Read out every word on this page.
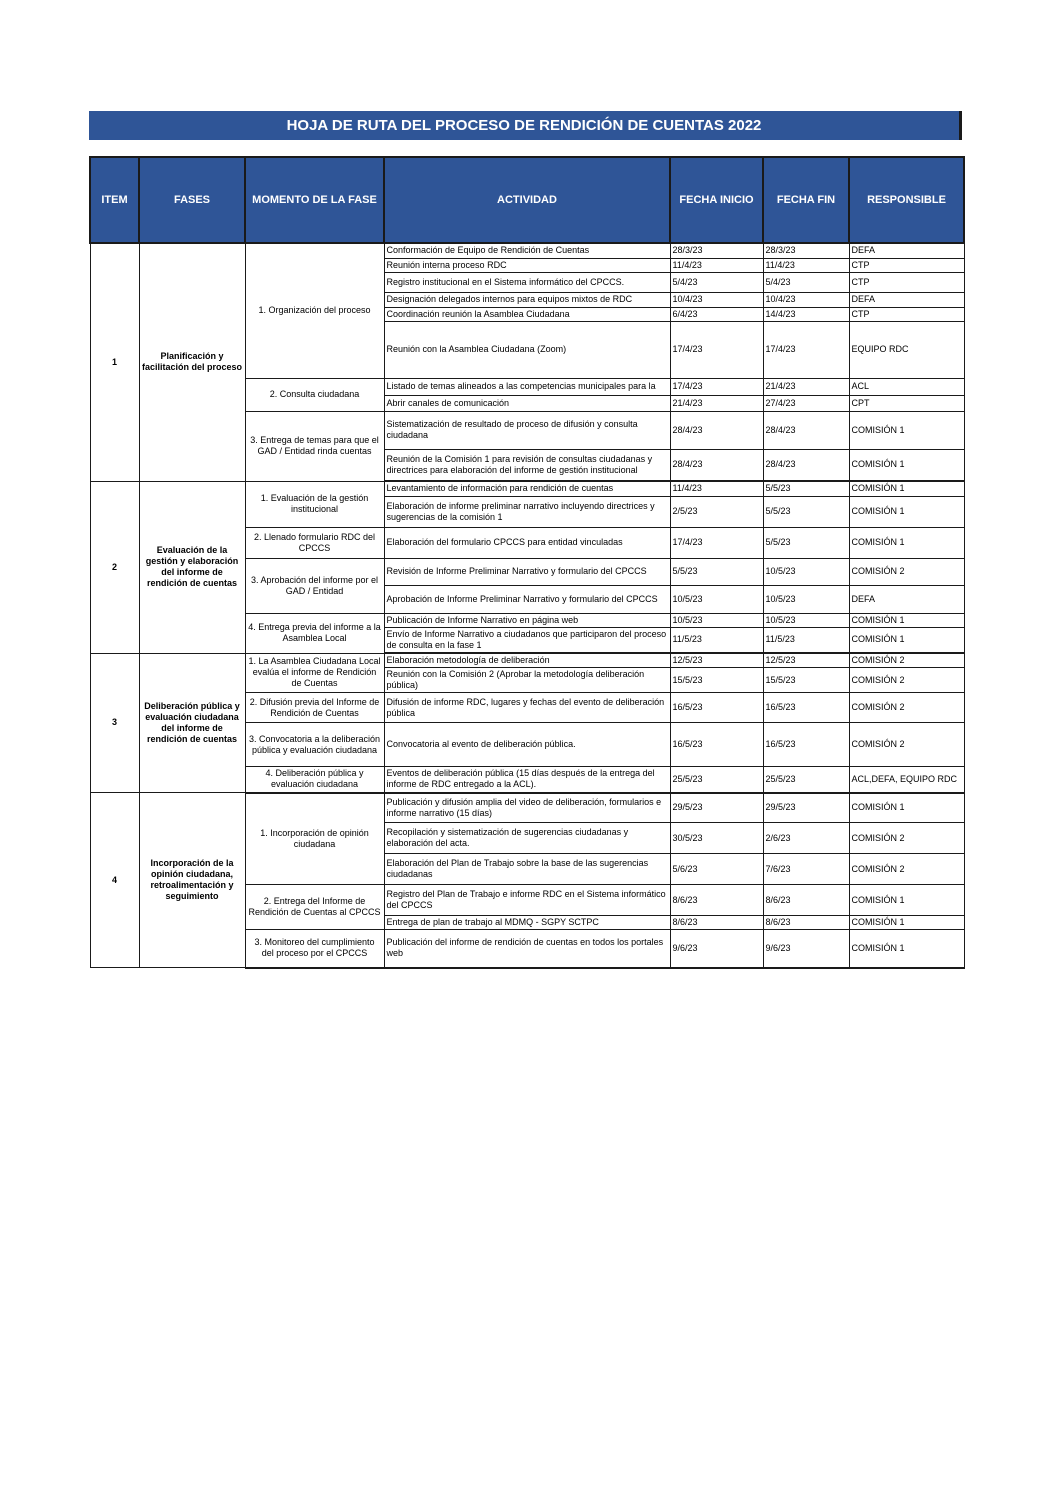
HOJA DE RUTA DEL PROCESO DE RENDICIÓN DE CUENTAS 2022
ITEM	FASES	MOMENTO DE LA FASE	ACTIVIDAD	FECHA INICIO	FECHA FIN	RESPONSIBLE
1	Planificación y facilitación del proceso	1. Organización del proceso	Conformación de Equipo de Rendición de Cuentas	28/3/23	28/3/23	DEFA
			Reunión interna proceso RDC	11/4/23	11/4/23	CTP
			Registro institucional en el Sistema informático del CPCCS.	5/4/23	5/4/23	CTP
			Designación delegados internos para equipos mixtos de RDC	10/4/23	10/4/23	DEFA
			Coordinación reunión la Asamblea Ciudadana	6/4/23	14/4/23	CTP
			Reunión con la Asamblea Ciudadana (Zoom)	17/4/23	17/4/23	EQUIPO RDC
		2. Consulta ciudadana	Listado de temas alineados a las competencias municipales para la	17/4/23	21/4/23	ACL
			Abrir canales de comunicación	21/4/23	27/4/23	CPT
		3. Entrega de temas para que el GAD / Entidad rinda cuentas	Sistematización de resultado de proceso de difusión y consulta ciudadana	28/4/23	28/4/23	COMISIÓN 1
			Reunión de la Comisión 1 para revisión de consultas ciudadanas y directrices para elaboración del informe de gestión institucional	28/4/23	28/4/23	COMISIÓN 1
2	Evaluación de la gestión y elaboración del informe de rendición de cuentas	1. Evaluación de la gestión institucional	Levantamiento de información para rendición de cuentas	11/4/23	5/5/23	COMISIÓN 1
			Elaboración de informe preliminar narrativo incluyendo directrices y sugerencias de la comisión 1	2/5/23	5/5/23	COMISIÓN 1
		2. Llenado formulario RDC del CPCCS	Elaboración del formulario CPCCS para entidad vinculadas	17/4/23	5/5/23	COMISIÓN 1
		3. Aprobación del informe por el GAD / Entidad	Revisión de Informe Preliminar Narrativo y formulario del CPCCS	5/5/23	10/5/23	COMISIÓN 2
			Aprobación de Informe Preliminar Narrativo y formulario del CPCCS	10/5/23	10/5/23	DEFA
		4. Entrega previa del informe a la Asamblea Local	Publicación de Informe Narrativo en página web	10/5/23	10/5/23	COMISIÓN 1
			Envío de Informe Narrativo a ciudadanos que participaron del proceso de consulta en la fase 1	11/5/23	11/5/23	COMISIÓN 1
3	Deliberación pública y evaluación ciudadana del informe de rendición de cuentas	1. La Asamblea Ciudadana Local evalúa el informe de Rendición de Cuentas	Elaboración metodología de deliberación	12/5/23	12/5/23	COMISIÓN 2
			Reunión con la Comisión 2 (Aprobar la metodología deliberación pública)	15/5/23	15/5/23	COMISIÓN 2
		2. Difusión previa del Informe de Rendición de Cuentas	Difusión de informe RDC, lugares y fechas del evento de deliberación pública	16/5/23	16/5/23	COMISIÓN 2
		3. Convocatoria a la deliberación pública y evaluación ciudadana	Convocatoria al evento de deliberación pública.	16/5/23	16/5/23	COMISIÓN 2
		4. Deliberación pública y evaluación ciudadana	Eventos de deliberación pública (15 días después de la entrega del informe de RDC entregado a la ACL).	25/5/23	25/5/23	ACL,DEFA, EQUIPO RDC
4	Incorporación de la opinión ciudadana, retroalimentación y seguimiento	1. Incorporación de opinión ciudadana	Publicación y difusión amplia del video de deliberación, formularios e informe narrativo (15 días)	29/5/23	29/5/23	COMISIÓN 1
			Recopilación y sistematización de sugerencias ciudadanas y elaboración del acta.	30/5/23	2/6/23	COMISIÓN 2
			Elaboración del Plan de Trabajo sobre la base de las sugerencias ciudadanas	5/6/23	7/6/23	COMISIÓN 2
		2. Entrega del Informe de Rendición de Cuentas al CPCCS	Registro del Plan de Trabajo e informe RDC en el Sistema informático del CPCCS	8/6/23	8/6/23	COMISIÓN 1
			Entrega de plan de trabajo al MDMQ - SGPY SCTPC	8/6/23	8/6/23	COMISIÓN 1
		3. Monitoreo del cumplimiento del proceso por el CPCCS	Publicación del informe de rendición de cuentas en todos los portales web	9/6/23	9/6/23	COMISIÓN 1
